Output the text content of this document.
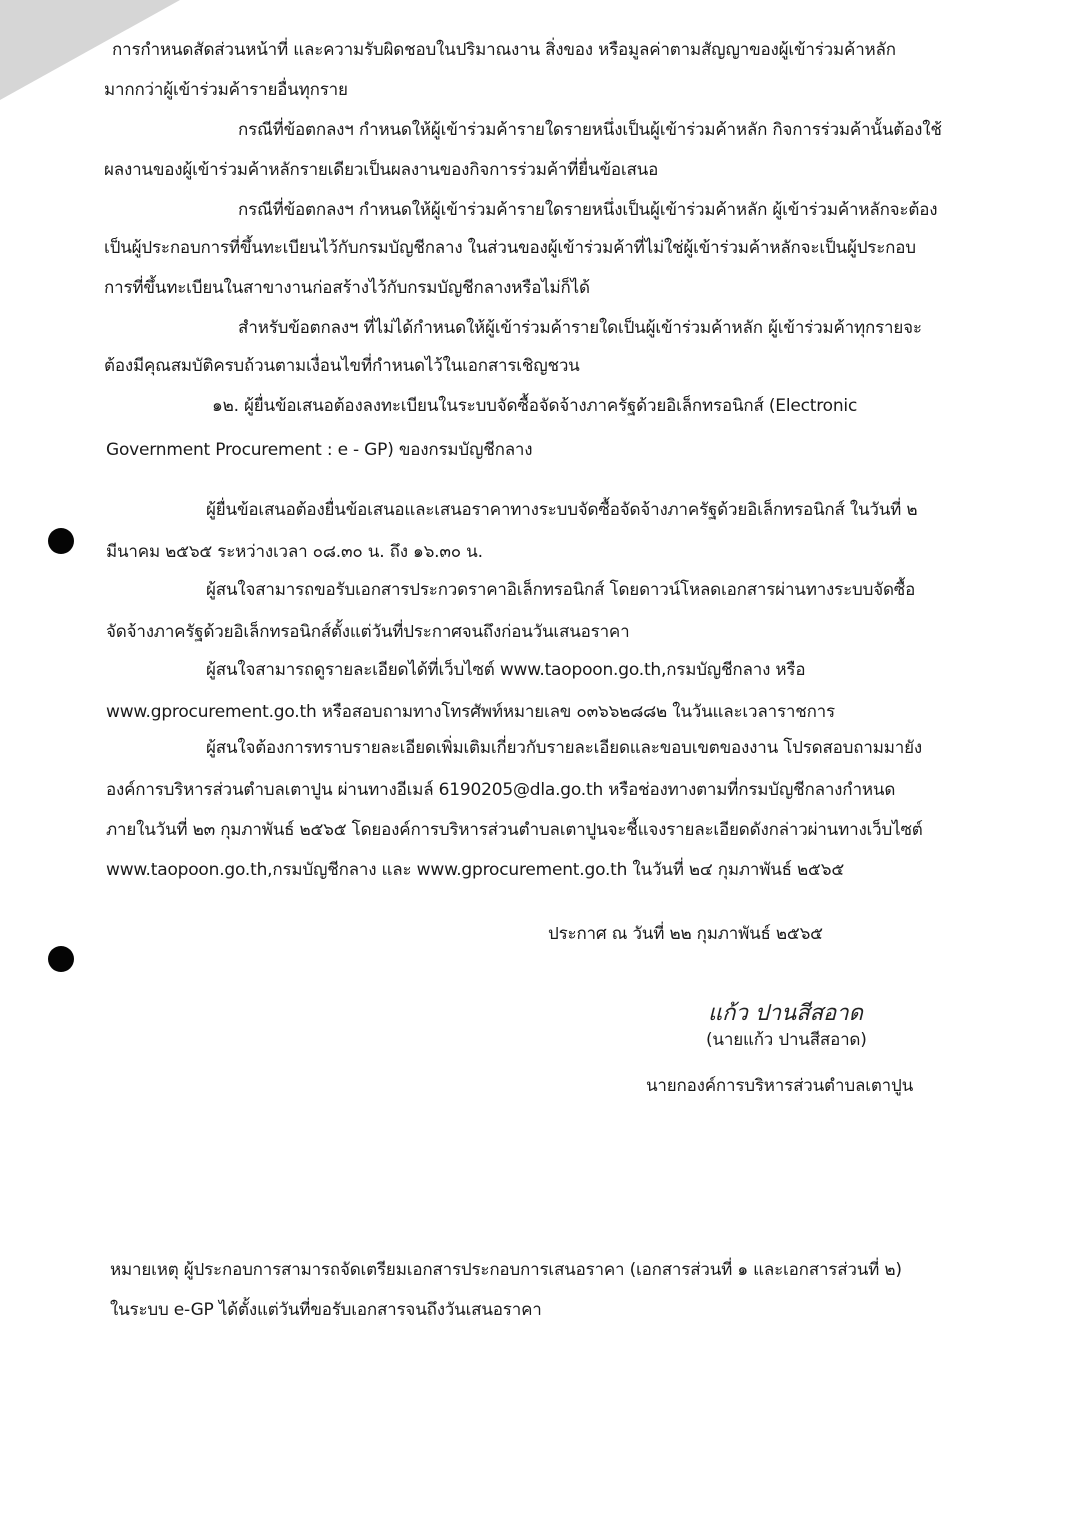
การกำหนดสัดส่วนหน้าที่ และความรับผิดชอบในปริมาณงาน สิ่งของ หรือมูลค่าตามสัญญาของผู้เข้าร่วมค้าหลัก
มากกว่าผู้เข้าร่วมค้ารายอื่นทุกราย
กรณีที่ข้อตกลงฯ กำหนดให้ผู้เข้าร่วมค้ารายใดรายหนึ่งเป็นผู้เข้าร่วมค้าหลัก กิจการร่วมค้านั้นต้องใช้
ผลงานของผู้เข้าร่วมค้าหลักรายเดียวเป็นผลงานของกิจการร่วมค้าที่ยื่นข้อเสนอ
กรณีที่ข้อตกลงฯ กำหนดให้ผู้เข้าร่วมค้ารายใดรายหนึ่งเป็นผู้เข้าร่วมค้าหลัก ผู้เข้าร่วมค้าหลักจะต้อง
เป็นผู้ประกอบการที่ขึ้นทะเบียนไว้กับกรมบัญชีกลาง ในส่วนของผู้เข้าร่วมค้าที่ไม่ใช่ผู้เข้าร่วมค้าหลักจะเป็นผู้ประกอบ
การที่ขึ้นทะเบียนในสาขางานก่อสร้างไว้กับกรมบัญชีกลางหรือไม่ก็ได้
สำหรับข้อตกลงฯ ที่ไม่ได้กำหนดให้ผู้เข้าร่วมค้ารายใดเป็นผู้เข้าร่วมค้าหลัก ผู้เข้าร่วมค้าทุกรายจะ
ต้องมีคุณสมบัติครบถ้วนตามเงื่อนไขที่กำหนดไว้ในเอกสารเชิญชวน
๑๒. ผู้ยื่นข้อเสนอต้องลงทะเบียนในระบบจัดซื้อจัดจ้างภาครัฐด้วยอิเล็กทรอนิกส์ (Electronic
Government Procurement : e - GP) ของกรมบัญชีกลาง
ผู้ยื่นข้อเสนอต้องยื่นข้อเสนอและเสนอราคาทางระบบจัดซื้อจัดจ้างภาครัฐด้วยอิเล็กทรอนิกส์ ในวันที่ ๒
มีนาคม ๒๕๖๕ ระหว่างเวลา ๐๘.๓๐ น. ถึง ๑๖.๓๐ น.
ผู้สนใจสามารถขอรับเอกสารประกวดราคาอิเล็กทรอนิกส์ โดยดาวน์โหลดเอกสารผ่านทางระบบจัดซื้อ
จัดจ้างภาครัฐด้วยอิเล็กทรอนิกส์ตั้งแต่วันที่ประกาศจนถึงก่อนวันเสนอราคา
ผู้สนใจสามารถดูรายละเอียดได้ที่เว็บไซต์ www.taopoon.go.th,กรมบัญชีกลาง หรือ
www.gprocurement.go.th หรือสอบถามทางโทรศัพท์หมายเลข ๐๓๖๖๒๘๘๒ ในวันและเวลาราชการ
ผู้สนใจต้องการทราบรายละเอียดเพิ่มเติมเกี่ยวกับรายละเอียดและขอบเขตของงาน โปรดสอบถามมายัง
องค์การบริหารส่วนตำบลเตาปูน ผ่านทางอีเมล์ 6190205@dla.go.th หรือช่องทางตามที่กรมบัญชีกลางกำหนด
ภายในวันที่ ๒๓ กุมภาพันธ์ ๒๕๖๕ โดยองค์การบริหารส่วนตำบลเตาปูนจะชี้แจงรายละเอียดดังกล่าวผ่านทางเว็บไซต์
www.taopoon.go.th,กรมบัญชีกลาง และ www.gprocurement.go.th ในวันที่ ๒๔ กุมภาพันธ์ ๒๕๖๕
ประกาศ ณ วันที่ ๒๒ กุมภาพันธ์ ๒๕๖๕
แก้ว ปานสีสอาด
(นายแก้ว ปานสีสอาด)
นายกองค์การบริหารส่วนตำบลเตาปูน
หมายเหตุ ผู้ประกอบการสามารถจัดเตรียมเอกสารประกอบการเสนอราคา (เอกสารส่วนที่ ๑ และเอกสารส่วนที่ ๒)
ในระบบ e-GP ได้ตั้งแต่วันที่ขอรับเอกสารจนถึงวันเสนอราคา
